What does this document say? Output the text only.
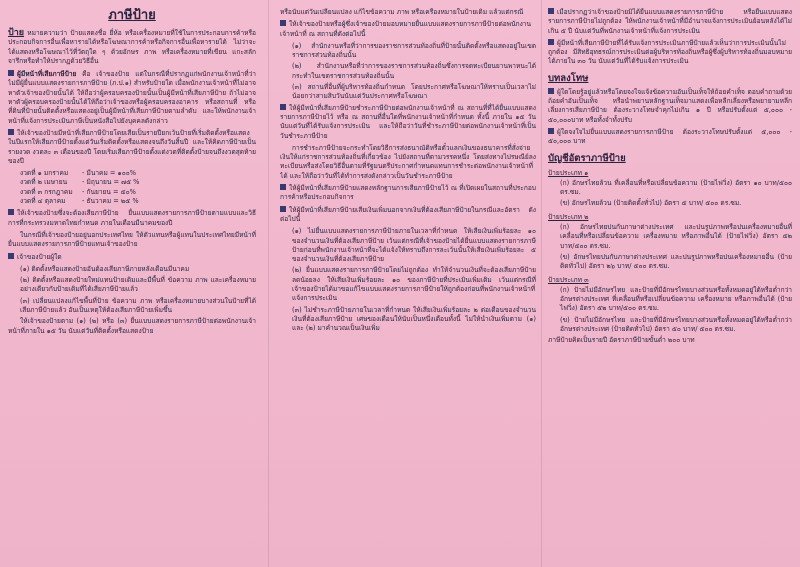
ภาษีป้าย
ป้าย หมายความว่า ป้ายแสดงชื่อ ยี่ห้อ หรือเครื่องหมายที่ใช้ในการประกอบการค้าหรือประกอบกิจการอื่นเพื่อหารายได้หรือโฆษณาการค้าหรือกิจการอื่นเพื่อหารายได้ ไม่ว่าจะได้แสดงหรือโฆษณาไว้ที่วัตถุใด ๆ ด้วยอักษร ภาพ หรือเครื่องหมายที่เขียน แกะสลัก จารึกหรือทำให้ปรากฏด้วยวิธีอื่น
ผู้มีหน้าที่เสียภาษีป้าย คือ เจ้าของป้าย แต่ในกรณีที่ปรากฏแก่พนักงานเจ้าหน้าที่ว่าไม่มีผู้ยื่นแบบแสดงรายการภาษีป้าย (ภ.ป.๑) สำหรับป้ายใด เมื่อพนักงานเจ้าหน้าที่ไม่อาจหาตัวเจ้าของป้ายนั้นได้ ให้ถือว่าผู้ครอบครองป้ายนั้นเป็นผู้มีหน้าที่เสียภาษีป้าย ถ้าไม่อาจหาตัวผู้ครอบครองป้ายนั้นได้ให้ถือว่าเจ้าของหรือผู้ครอบครองอาคาร หรือสถานที่ หรือที่ดินที่ป้ายนั้นติดตั้งหรือแสดงอยู่เป็นผู้มีหน้าที่เสียภาษีป้ายตามลำดับ และให้พนักงานเจ้าหน้าที่แจ้งการประเมินภาษีเป็นหนังสือไปยังบุคคลดังกล่าว
ให้เจ้าของป้ายมีหน้าที่เสียภาษีป้ายโดยเสียเป็นรายปียกเว้นป้ายที่เริ่มติดตั้งหรือแสดงในปีแรกให้เสียภาษีป้ายตั้งแต่วันเริ่มติดตั้งหรือแสดงจนถึงวันสิ้นปี และให้คิดภาษีป้ายเป็นรายงวด งวดละ ๓ เดือนของปี โดยเริ่มเสียภาษีป้ายตั้งแต่งวดที่ติดตั้งป้ายจนถึงงวดสุดท้ายของปี
งวดที่ ๑ มกราคม - มีนาคม = ๑๐๐%
งวดที่ ๒ เมษายน - มิถุนายน = ๗๕ %
งวดที่ ๓ กรกฎาคม - กันยายน = ๕๐%
งวดที่ ๔ ตุลาคม - ธันวาคม = ๒๕ %
ให้เจ้าของป้ายซึ่งจะต้องเสียภาษีป้าย ยื่นแบบแสดงรายการภาษีป้ายตามแบบและวิธีการที่กระทรวงมหาดไทยกำหนด ภายในเดือนมีนาคมของปี
ในกรณีที่เจ้าของป้ายอยู่นอกประเทศไทย ให้ตัวแทนหรือผู้แทนในประเทศไทยมีหน้าที่ยื่นแบบแสดงรายการภาษีป้ายแทนเจ้าของป้าย
เจ้าของป้ายผู้ใด
(๑) ติดตั้งหรือแสดงป้ายอันต้องเสียภาษีภายหลังเดือนมีนาคม
(๒) ติดตั้งหรือแสดงป้ายใหม่แทนป้ายเดิมและมีพื้นที่ ข้อความ ภาพ และเครื่องหมายอย่างเดียวกับป้ายเดิมที่ได้เสียภาษีป้ายแล้ว
(๓) เปลี่ยนแปลงแก้ไขพื้นที่ป้าย ข้อความ ภาพ หรือเครื่องหมายบางส่วนในป้ายที่ได้เสียภาษีป้ายแล้ว อันเป็นเหตุให้ต้องเสียภาษีป้ายเพิ่มขึ้น
ให้เจ้าของป้ายตาม (๑) (๒) หรือ (๓) ยื่นแบบแสดงรายการภาษีป้ายต่อพนักงานเจ้าหน้าที่ภายใน ๑๕ วัน นับแต่วันที่ติดตั้งหรือแสดงป้าย
หรือนับแต่วันเปลี่ยนแปลง แก้ไขข้อความ ภาพ หรือเครื่องหมายในป้ายเดิม แล้วแต่กรณี
ให้เจ้าของป้ายหรือผู้ซึ่งเจ้าของป้ายมอบหมายยื่นแบบแสดงรายการภาษีป้ายต่อพนักงานเจ้าหน้าที่ ณ สถานที่ดังต่อไปนี้
(๑) สำนักงานหรือที่ว่าการของราชการส่วนท้องถิ่นที่ป้ายนั้นติดตั้งหรือแสดงอยู่ในเขตราชการส่วนท้องถิ่นนั้น
(๒) สำนักงานหรือที่ว่าการของราชการส่วนท้องถิ่นซึ่งการจดทะเบียนยานพาหนะได้กระทำในเขตราชการส่วนท้องถิ่นนั้น
(๓) สถานที่อื่นที่ผู้บริหารท้องถิ่นกำหนด โดยประกาศหรือโฆษณาให้ทราบเป็นเวลาไม่น้อยกว่าสามสิบวันนับแต่วันประกาศหรือโฆษณา
ให้ผู้มีหน้าที่เสียภาษีป้ายชำระภาษีป้ายต่อพนักงานเจ้าหน้าที่ ณ สถานที่ที่ได้ยื่นแบบแสดงรายการภาษีป้ายไว้ หรือ ณ สถานที่อื่นใดที่พนักงานเจ้าหน้าที่กำหนด ทั้งนี้ ภายใน ๑๕ วัน นับแต่วันที่ได้รับแจ้งการประเมิน และให้ถือว่าวันที่ชำระภาษีป้ายต่อพนักงานเจ้าหน้าที่เป็นวันชำระภาษีป้าย
การชำระภาษีป้ายจะกระทำโดยวิธีการส่งธนาณัติหรือตั๋วแลกเงินของธนาคารที่สั่งจ่ายเงินให้แก่ราชการส่วนท้องถิ่นที่เกี่ยวข้อง ไปยังสถานที่ตามวรรคหนึ่ง โดยส่งทางไปรษณีย์ลงทะเบียนหรือส่งโดยวิธีอื่นตามที่รัฐมนตรีประกาศกำหนดแทนการชำระต่อพนักงานเจ้าหน้าที่ได้ และให้ถือว่าวันที่ได้ทำการส่งดังกล่าวเป็นวันชำระภาษีป้าย
ให้ผู้มีหน้าที่เสียภาษีป้ายแสดงหลักฐานการเสียภาษีป้ายไว้ ณ ที่เปิดเผยในสถานที่ประกอบการค้าหรือประกอบกิจการ
ให้ผู้มีหน้าที่เสียภาษีป้ายเสียเงินเพิ่มนอกจากเงินที่ต้องเสียภาษีป้ายในกรณีและอัตรา ดังต่อไปนี้
(๑) ไม่ยื่นแบบแสดงรายการภาษีป้ายภายในเวลาที่กำหนด ให้เสียเงินเพิ่มร้อยละ ๑๐ ของจำนวนเงินที่ต้องเสียภาษีป้าย เว้นแต่กรณีที่เจ้าของป้ายได้ยื่นแบบแสดงรายการภาษีป้ายก่อนที่พนักงานเจ้าหน้าที่จะได้แจ้งให้ทราบถึงการละเว้นนั้นให้เสียเงินเพิ่มร้อยละ ๕ ของจำนวนเงินที่ต้องเสียภาษีป้าย
(๒) ยื่นแบบแสดงรายการภาษีป้ายโดยไม่ถูกต้อง ทำให้จำนวนเงินที่จะต้องเสียภาษีป้ายลดน้อยลง ให้เสียเงินเพิ่มร้อยละ ๑๐ ของภาษีป้ายที่ประเมินเพิ่มเติม เว้นแต่กรณีที่เจ้าของป้ายได้มาขอแก้ไขแบบแสดงรายการภาษีป้ายให้ถูกต้องก่อนที่พนักงานเจ้าหน้าที่แจ้งการประเมิน
(๓) ไม่ชำระภาษีป้ายภายในเวลาที่กำหนด ให้เสียเงินเพิ่มร้อยละ ๒ ต่อเดือนของจำนวนเงินที่ต้องเสียภาษีป้าย เศษของเดือนให้นับเป็นหนึ่งเดือนทั้งนี้ ไม่ให้นำเงินเพิ่มตาม (๑) และ (๒) มาคำนวณเป็นเงินเพิ่ม
เมื่อปรากฏว่าเจ้าของป้ายมิได้ยื่นแบบแสดงรายการภาษีป้าย หรือยื่นแบบแสดงรายการภาษีป้ายไม่ถูกต้อง ให้พนักงานเจ้าหน้าที่มีอำนาจแจ้งการประเมินย้อนหลังได้ไม่เกิน ๕ ปี นับแต่วันที่พนักงานเจ้าหน้าที่แจ้งการประเมิน
ผู้มีหน้าที่เสียภาษีป้ายที่ได้รับแจ้งการประเมินภาษีป้ายแล้วเห็นว่าการประเมินนั้นไม่ถูกต้อง มีสิทธิอุทธรณ์การประเมินต่อผู้บริหารท้องถิ่นหรือผู้ซึ่งผู้บริหารท้องถิ่นมอบหมายได้ภายใน ๓๐ วัน นับแต่วันที่ได้รับแจ้งการประเมิน
บทลงโทษ
ผู้ใดโดยรู้อยู่แล้วหรือโดยจงใจแจ้งข้อความอันเป็นเท็จให้ถ้อยคำเท็จ ตอบคำถามด้วยถ้อยคำอันเป็นเท็จ หรือนำพยานหลักฐานเท็จมาแสดงเพื่อหลีกเลี่ยงหรือพยายามหลีกเลี่ยงการเสียภาษีป้าย ต้องระวางโทษจำคุกไม่เกิน ๑ ปี หรือปรับตั้งแต่ ๕,๐๐๐ - ๕๐,๐๐๐บาท หรือทั้งจำทั้งปรับ
ผู้ใดจงใจไม่ยื่นแบบแสดงรายการภาษีป้าย ต้องระวางโทษปรับตั้งแต่ ๕,๐๐๐ - ๕๐,๐๐๐ บาท
บัญชีอัตราภาษีป้าย
ป้ายประเภท ๑
(ก) อักษรไทยล้วน ที่เคลื่อนที่หรือเปลี่ยนข้อความ (ป้ายไฟวิ่ง) อัตรา ๑๐ บาท/๕๐๐ ตร.ซม.
(ข) อักษรไทยล้วน (ป้ายติดตั้งทั่วไป) อัตรา ๕ บาท/ ๕๐๐ ตร.ซม.
ป้ายประเภท ๒
(ก) อักษรไทยปนกับภาษาต่างประเทศ และปนรูปภาพหรือปนเครื่องหมายอื่นที่เคลื่อนที่หรือเปลี่ยนข้อความ เครื่องหมาย หรือภาพอื่นได้ (ป้ายไฟวิ่ง) อัตรา ๕๒ บาท/๕๐๐ ตร.ซม.
(ข) อักษรไทยปนกับภาษาต่างประเทศ และปนรูปภาพหรือปนเครื่องหมายอื่น (ป้ายติดทั่วไป) อัตรา ๒๖ บาท/ ๕๐๐ ตร.ซม.
ป้ายประเภท ๓
(ก) ป้ายไม่มีอักษรไทย และป้ายที่มีอักษรไทยบางส่วนหรือทั้งหมดอยู่ใต้หรือต่ำกว่าอักษรต่างประเทศ ที่เคลื่อนที่หรือเปลี่ยนข้อความ เครื่องหมาย หรือภาพอื่นได้ (ป้ายไฟวิ่ง) อัตรา ๕๒ บาท/๕๐๐ ตร.ซม.
(ข) ป้ายไม่มีอักษรไทย และป้ายที่มีอักษรไทยบางส่วนหรือทั้งหมดอยู่ใต้หรือต่ำกว่าอักษรต่างประเทศ (ป้ายติดทั่วไป) อัตรา ๕๐ บาท/ ๕๐๐ ตร.ซม.
ภาษีป้ายคิดเป็นรายปี อัตราภาษีป้ายขั้นต่ำ ๒๐๐ บาท
